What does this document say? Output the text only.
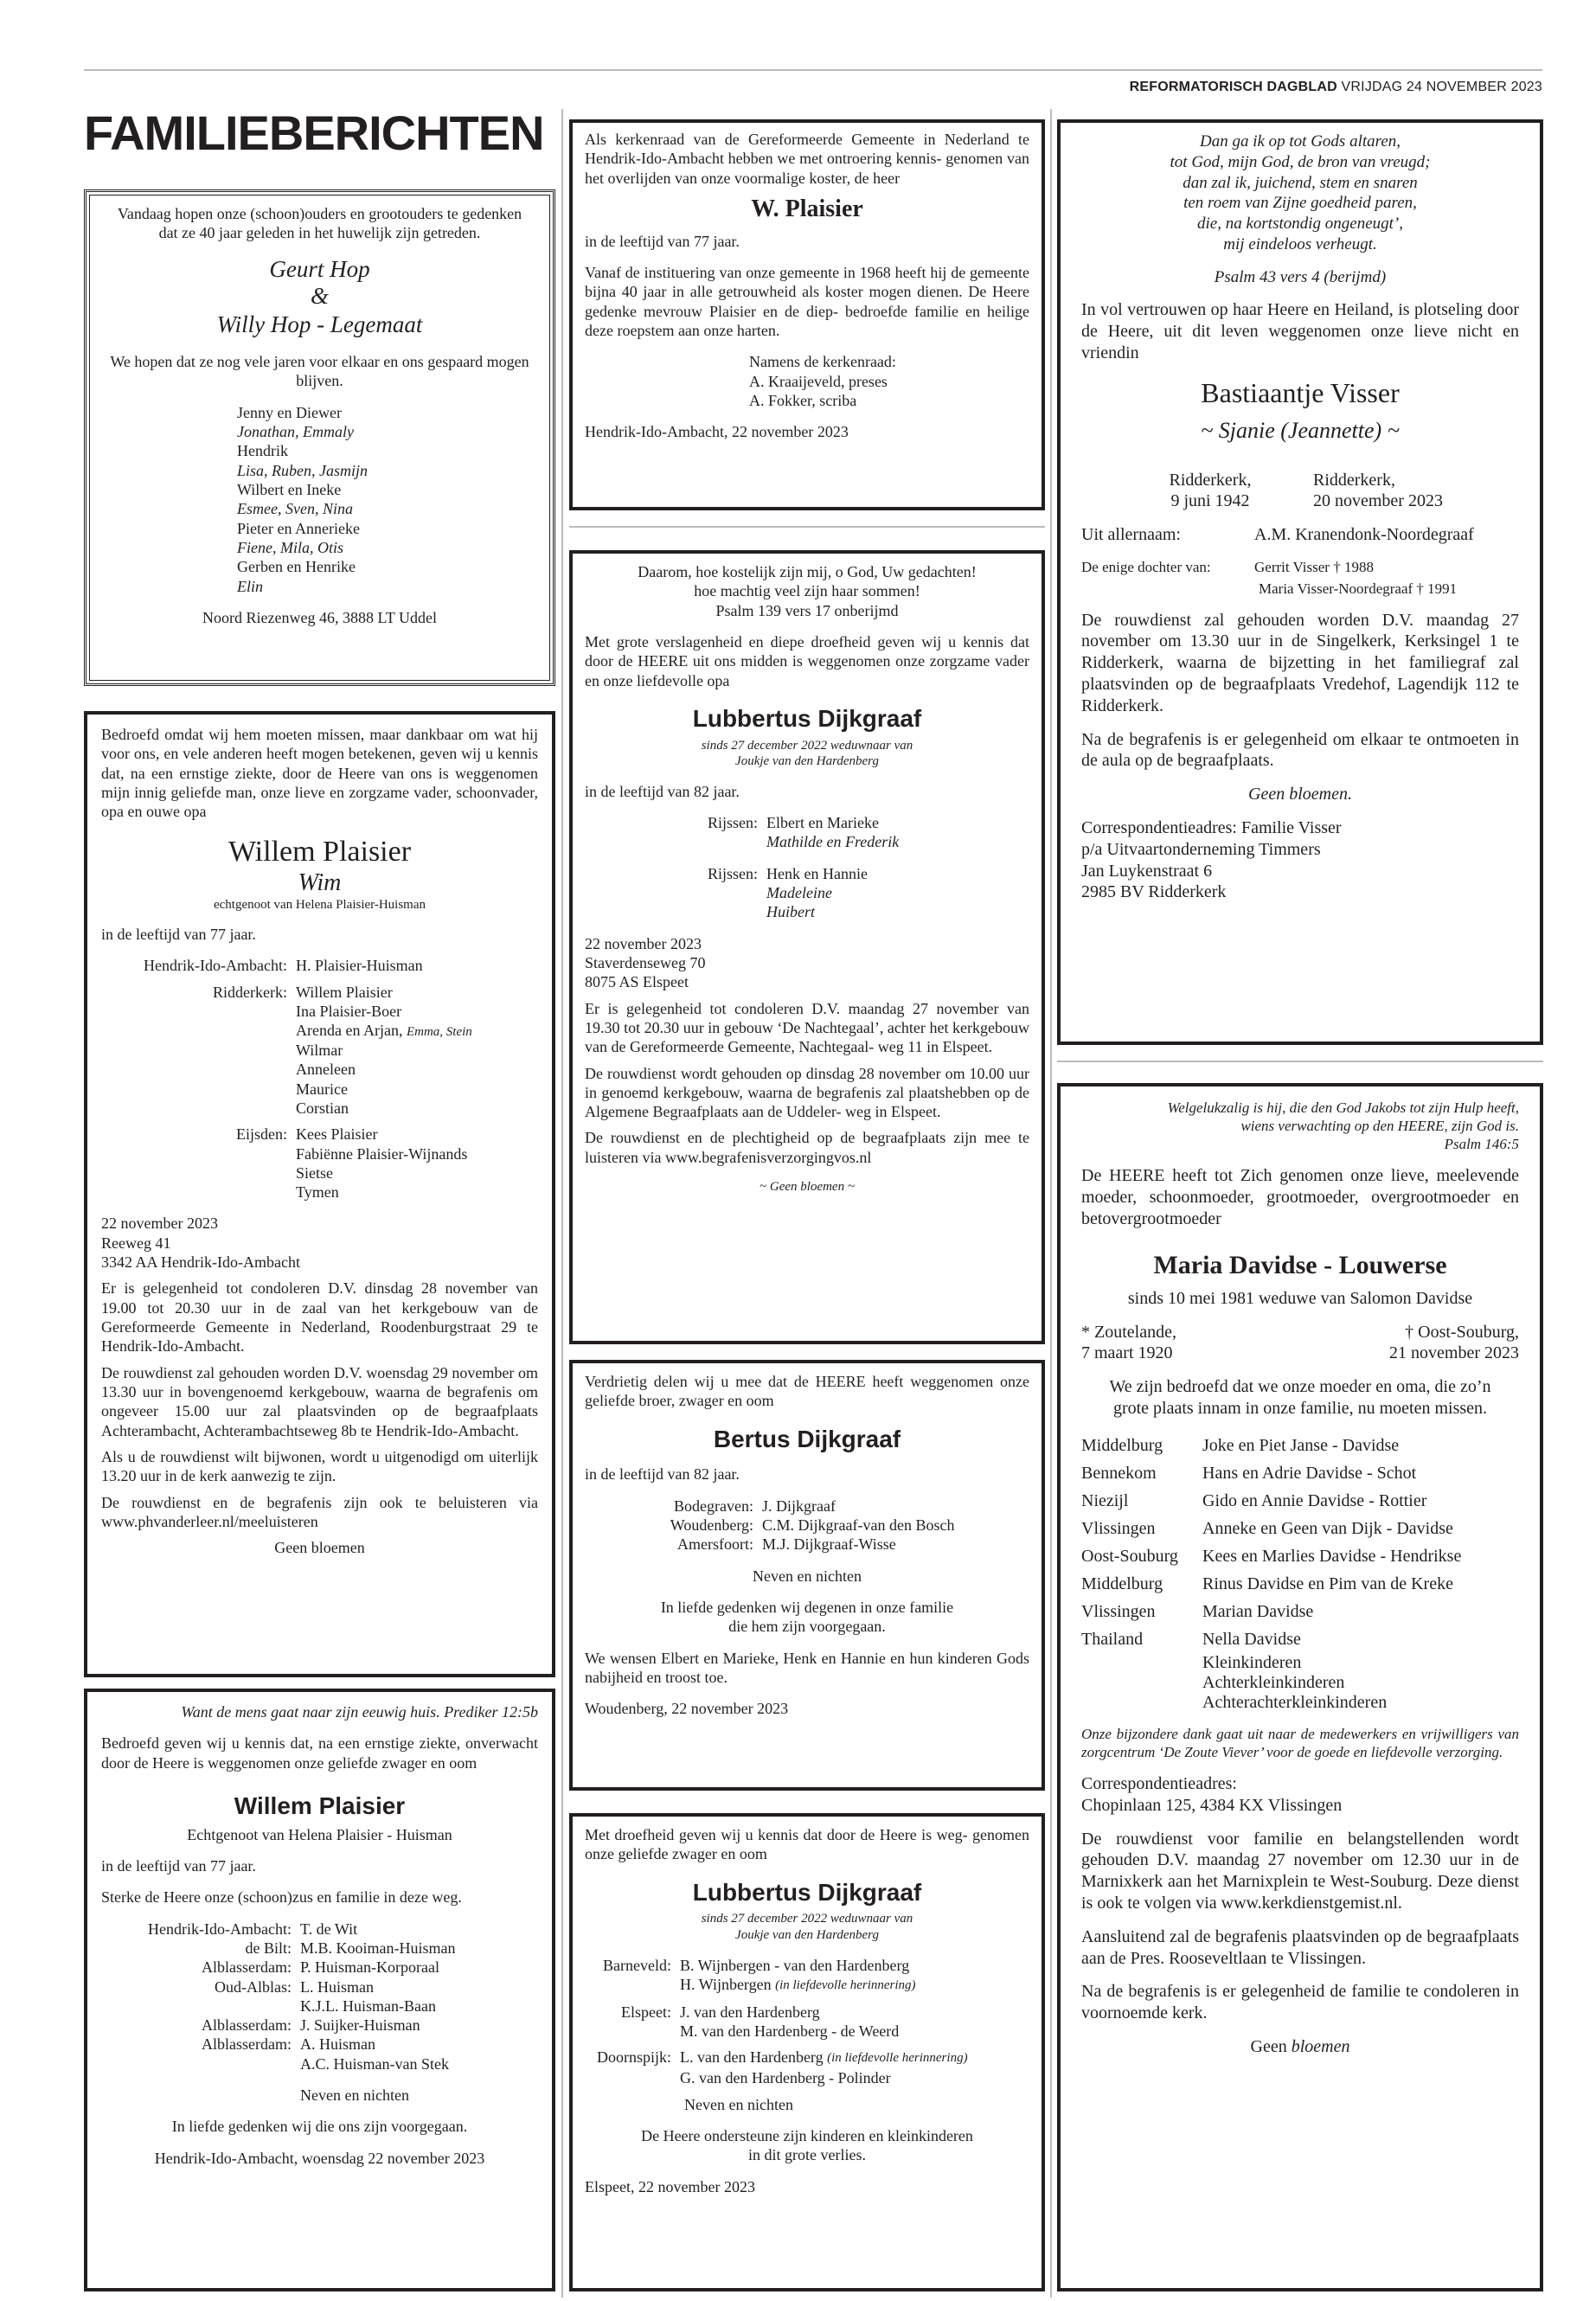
REFORMATORISCH DAGBLAD VRIJDAG 24 NOVEMBER 2023
FAMILIEBERICHTEN

Vandaag hopen onze (schoon)ouders en grootouders te gedenken dat ze 40 jaar geleden in het huwelijk zijn getreden.

Geurt Hop

&

Willy Hop - Legemaat

We hopen dat ze nog vele jaren voor elkaar en ons gespaard mogen blijven.

Jenny en Diewer

Jonathan, Emmaly

Hendrik

Lisa, Ruben, Jasmijn

Wilbert en Ineke

Esmee, Sven, Nina

Pieter en Annerieke

Fiene, Mila, Otis

Gerben en Henrike

Elin

Noord Riezenweg 46, 3888 LT Uddel

Bedroefd omdat wij hem moeten missen, maar dankbaar om wat hij voor ons, en vele anderen heeft mogen betekenen, geven wij u kennis dat, na een ernstige ziekte, door de Heere van ons is weggenomen mijn innig geliefde man, onze lieve en zorgzame vader, schoonvader, opa en ouwe opa

Willem Plaisier

Wim

echtgenoot van Helena Plaisier-Huisman

in de leeftijd van 77 jaar.

Hendrik-Ido-Ambacht: H. Plaisier-Huisman
Ridderkerk: Willem Plaisier

Ina Plaisier-Boer

Arenda en Arjan, Emma, Stein

Wilmar

Anneleen

Maurice

Corstian

Eijsden: Kees Plaisier

Fabiënne Plaisier-Wijnands

Sietse

Tymen

22 november 2023

Reeweg 41

3342 AA Hendrik-Ido-Ambacht

Er is gelegenheid tot condoleren D.V. dinsdag 28 november van 19.00 tot 20.30 uur in de zaal van het kerkgebouw van de Gereformeerde Gemeente in Nederland, Roodenburgstraat 29 te Hendrik-Ido-Ambacht.

De rouwdienst zal gehouden worden D.V. woensdag 29 november om 13.30 uur in bovengenoemd kerkgebouw, waarna de begrafenis om ongeveer 15.00 uur zal plaatsvinden op de begraafplaats Achterambacht, Achterambachtseweg 8b te Hendrik-Ido-Ambacht.

Als u de rouwdienst wilt bijwonen, wordt u uitgenodigd om uiterlijk 13.20 uur in de kerk aanwezig te zijn.

De rouwdienst en de begrafenis zijn ook te beluisteren via www.phvanderleer.nl/meeluisteren

Geen bloemen

Want de mens gaat naar zijn eeuwig huis. Prediker 12:5b

Bedroefd geven wij u kennis dat, na een ernstige ziekte, onverwacht door de Heere is weggenomen onze geliefde zwager en oom

Willem Plaisier

Echtgenoot van Helena Plaisier - Huisman

in de leeftijd van 77 jaar.

Sterke de Heere onze (schoon)zus en familie in deze weg.

Hendrik-Ido-Ambacht: T. de Wit
de Bilt: M.B. Kooiman-Huisman
Alblasserdam: P. Huisman-Korporaal
Oud-Alblas: L. Huisman
K.J.L. Huisman-Baan
Alblasserdam: J. Suijker-Huisman
Alblasserdam: A. Huisman
A.C. Huisman-van Stek

Neven en nichten

In liefde gedenken wij die ons zijn voorgegaan.

Hendrik-Ido-Ambacht, woensdag 22 november 2023

Als kerkenraad van de Gereformeerde Gemeente in Nederland te Hendrik-Ido-Ambacht hebben we met ontroering kennis- genomen van het overlijden van onze voormalige koster, de heer

W. Plaisier

in de leeftijd van 77 jaar.

Vanaf de instituering van onze gemeente in 1968 heeft hij de gemeente bijna 40 jaar in alle getrouwheid als koster mogen dienen. De Heere gedenke mevrouw Plaisier en de diep- bedroefde familie en heilige deze roepstem aan onze harten.

Namens de kerkenraad:

A. Kraaijeveld, preses

A. Fokker, scriba

Hendrik-Ido-Ambacht, 22 november 2023

Daarom, hoe kostelijk zijn mij, o God, Uw gedachten!

hoe machtig veel zijn haar sommen!

Psalm 139 vers 17 onberijmd

Met grote verslagenheid en diepe droefheid geven wij u kennis dat door de HEERE uit ons midden is weggenomen onze zorgzame vader en onze liefdevolle opa

Lubbertus Dijkgraaf

sinds 27 december 2022 weduwnaar van

Joukje van den Hardenberg

in de leeftijd van 82 jaar.

Rijssen: Elbert en Marieke

Mathilde en Frederik

Rijssen: Henk en Hannie

Madeleine

Huibert

22 november 2023

Staverdenseweg 70

8075 AS Elspeet

Er is gelegenheid tot condoleren D.V. maandag 27 november van 19.30 tot 20.30 uur in gebouw ‘De Nachtegaal’, achter het kerkgebouw van de Gereformeerde Gemeente, Nachtegaal- weg 11 in Elspeet.

De rouwdienst wordt gehouden op dinsdag 28 november om 10.00 uur in genoemd kerkgebouw, waarna de begrafenis zal plaatshebben op de Algemene Begraafplaats aan de Uddeler- weg in Elspeet.

De rouwdienst en de plechtigheid op de begraafplaats zijn mee te luisteren via www.begrafenisverzorgingvos.nl

~ Geen bloemen ~

Verdrietig delen wij u mee dat de HEERE heeft weggenomen onze geliefde broer, zwager en oom

Bertus Dijkgraaf

in de leeftijd van 82 jaar.

Bodegraven: J. Dijkgraaf
Woudenberg: C.M. Dijkgraaf-van den Bosch
Amersfoort: M.J. Dijkgraaf-Wisse

Neven en nichten

In liefde gedenken wij degenen in onze familie

die hem zijn voorgegaan.

We wensen Elbert en Marieke, Henk en Hannie en hun kinderen Gods nabijheid en troost toe.

Woudenberg, 22 november 2023

Met droefheid geven wij u kennis dat door de Heere is weg- genomen onze geliefde zwager en oom

Lubbertus Dijkgraaf

sinds 27 december 2022 weduwnaar van

Joukje van den Hardenberg

Barneveld: B. Wijnbergen - van den Hardenberg
H. Wijnbergen
(in liefdevolle herinnering)
Elspeet: J. van den Hardenberg
M. van den Hardenberg - de Weerd
Doornspijk: L. van den Hardenberg
(in liefdevolle herinnering)
G. van den Hardenberg - Polinder

Neven en nichten

De Heere ondersteune zijn kinderen en kleinkinderen

in dit grote verlies.

Elspeet, 22 november 2023

Dan ga ik op tot Gods altaren,

tot God, mijn God, de bron van vreugd;

dan zal ik, juichend, stem en snaren

ten roem van Zijne goedheid paren,

die, na kortstondig ongeneugt’,

mij eindeloos verheugt.

Psalm 43 vers 4 (berijmd)

In vol vertrouwen op haar Heere en Heiland, is plotseling door de Heere, uit dit leven weggenomen onze lieve nicht en vriendin

Bastiaantje Visser

~ Sjanie (Jeannette) ~

Ridderkerk,

9 juni 1942

Ridderkerk,

20 november 2023

Uit allernaam:	A.M. Kranendonk-Noordegraaf
De enige dochter van:	Gerrit Visser † 1988

Maria Visser-Noordegraaf † 1991

De rouwdienst zal gehouden worden D.V. maandag 27 november om 13.30 uur in de Singelkerk, Kerksingel 1 te Ridderkerk, waarna de bijzetting in het familiegraf zal plaatsvinden op de begraafplaats Vredehof, Lagendijk 112 te Ridderkerk.

Na de begrafenis is er gelegenheid om elkaar te ontmoeten in de aula op de begraafplaats.

Geen bloemen.

Correspondentieadres: Familie Visser

p/a Uitvaartonderneming Timmers

Jan Luykenstraat 6

2985 BV Ridderkerk

Welgelukzalig is hij, die den God Jakobs tot zijn Hulp heeft,

wiens verwachting op den HEERE, zijn God is.

Psalm 146:5

De HEERE heeft tot Zich genomen onze lieve, meelevende moeder, schoonmoeder, grootmoeder, overgrootmoeder en betovergrootmoeder

Maria Davidse - Louwerse

sinds 10 mei 1981 weduwe van Salomon Davidse

* Zoutelande,

7 maart 1920

† Oost-Souburg,

21 november 2023

We zijn bedroefd dat we onze moeder en oma, die zo’n grote plaats innam in onze familie, nu moeten missen.

Middelburg	Joke en Piet Janse - Davidse
Bennekom	Hans en Adrie Davidse - Schot
Niezijl	Gido en Annie Davidse - Rottier
Vlissingen	Anneke en Geen van Dijk - Davidse
Oost-Souburg	Kees en Marlies Davidse - Hendrikse
Middelburg	Rinus Davidse en Pim van de Kreke
Vlissingen	Marian Davidse
Thailand	Nella Davidse

Kleinkinderen

Achterkleinkinderen

Achterachterkleinkinderen

Onze bijzondere dank gaat uit naar de medewerkers en vrijwilligers van zorgcentrum ‘De Zoute Viever’ voor de goede en liefdevolle verzorging.

Correspondentieadres:

Chopinlaan 125, 4384 KX Vlissingen

De rouwdienst voor familie en belangstellenden wordt gehouden D.V. maandag 27 november om 12.30 uur in de Marnixkerk aan het Marnixplein te West-Souburg. Deze dienst is ook te volgen via www.kerkdienstgemist.nl.

Aansluitend zal de begrafenis plaatsvinden op de begraafplaats aan de Pres. Rooseveltlaan te Vlissingen.

Na de begrafenis is er gelegenheid de familie te condoleren in voornoemde kerk.

Geen bloemen
